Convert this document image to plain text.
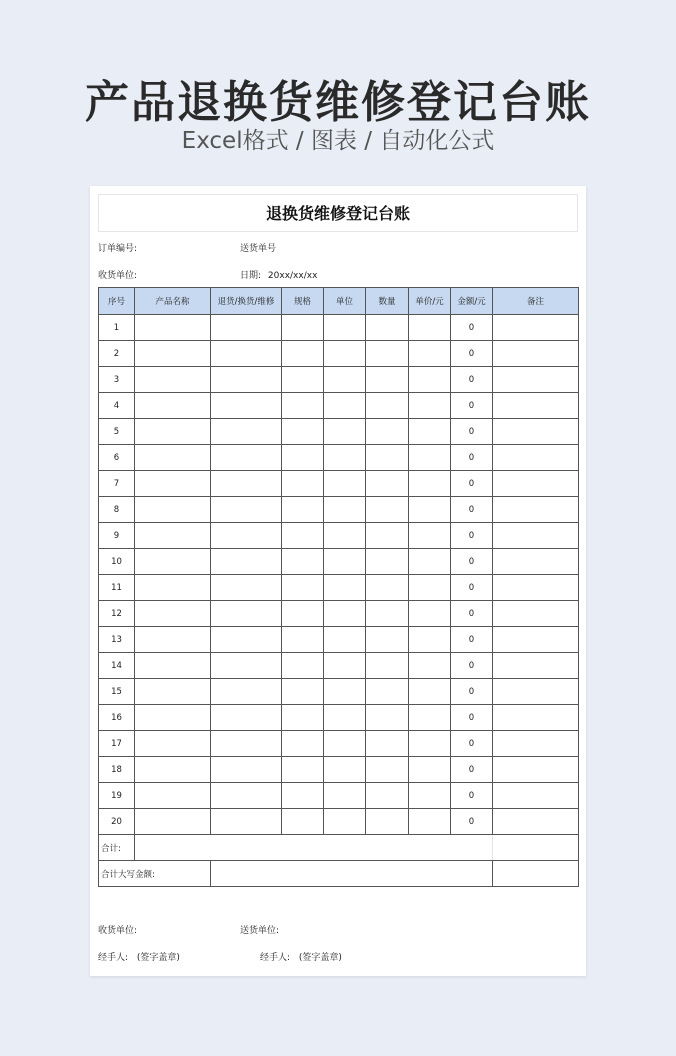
产品退换货维修登记台账
Excel格式 / 图表 / 自动化公式
退换货维修登记台账
订单编号:	送货单号
收货单位:	日期: 20xx/xx/xx
序号	产品名称	退货/换货/维修	规格	单位	数量	单价/元	金额/元	备注
1							0	
2							0	
3							0	
4							0	
5							0	
6							0	
7							0	
8							0	
9							0	
10							0	
11							0	
12							0	
13							0	
14							0	
15							0	
16							0	
17							0	
18							0	
19							0	
20							0	
合计:								
合计大写金额:								
收货单位:	送货单位:
经手人: (签字盖章)	经手人: (签字盖章)
